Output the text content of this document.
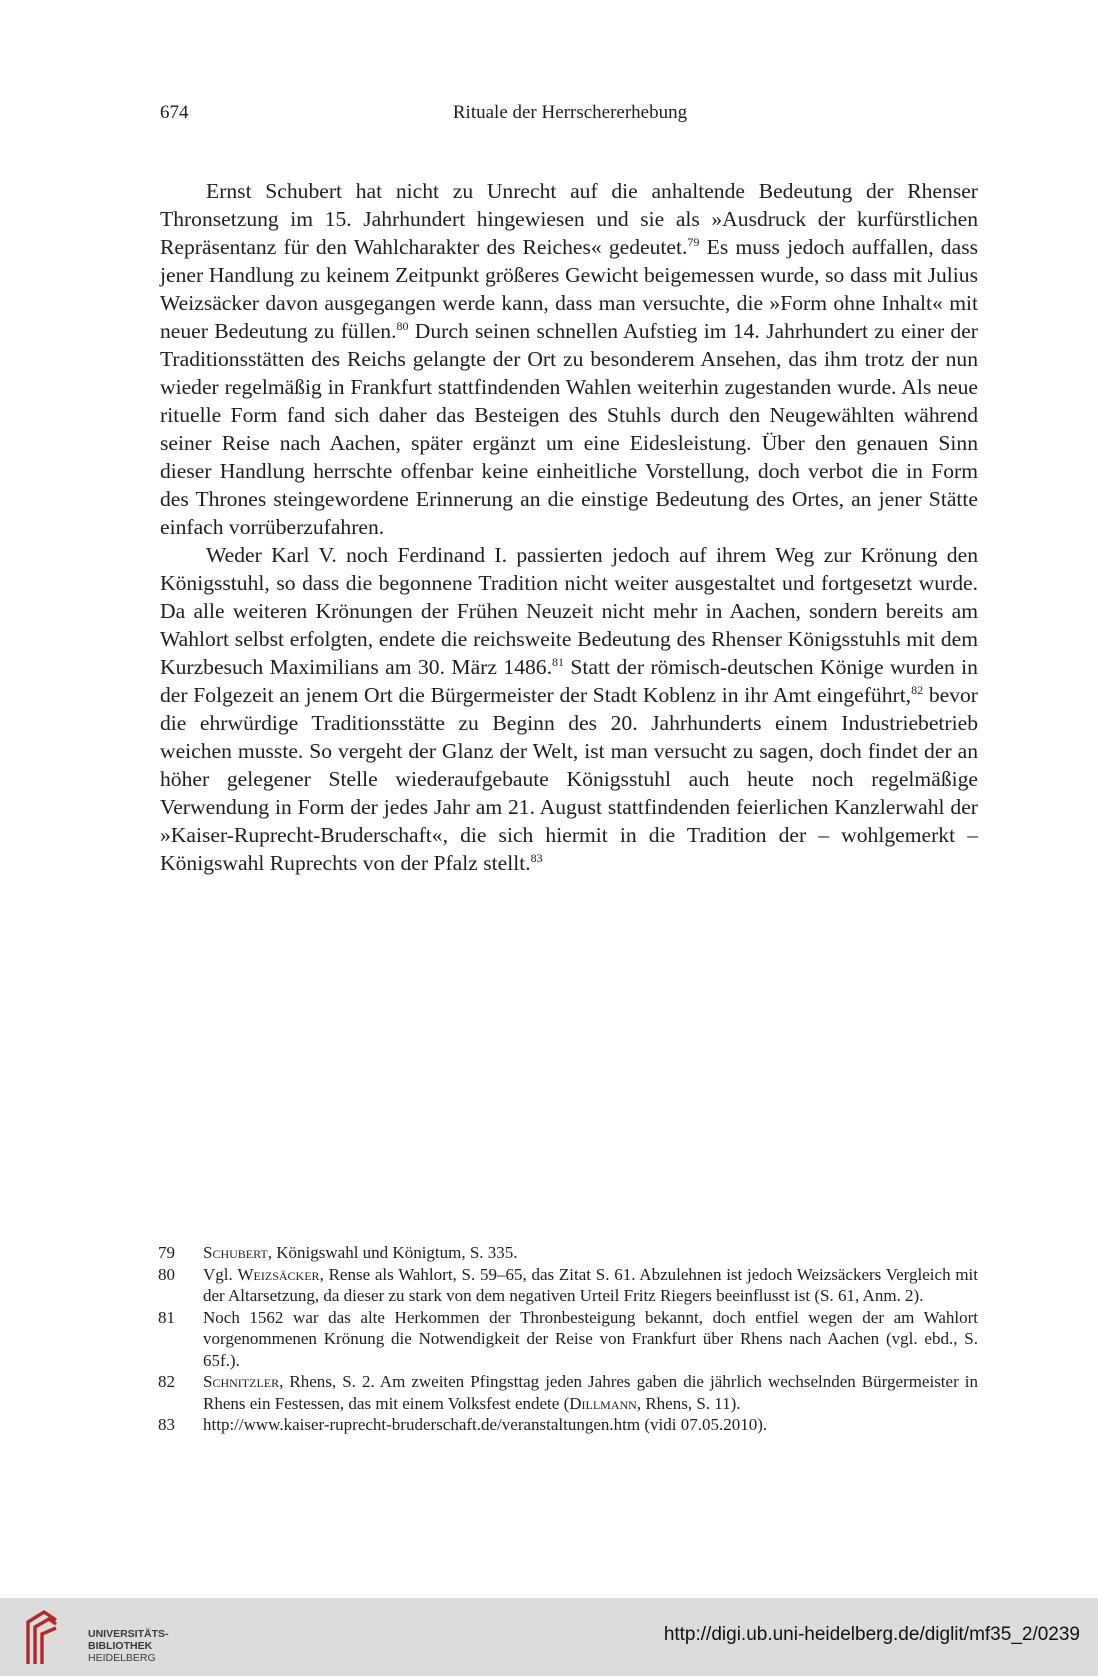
674	Rituale der Herrschererhebung

Ernst Schubert hat nicht zu Unrecht auf die anhaltende Bedeutung der Rhenser Thronsetzung im 15. Jahrhundert hingewiesen und sie als »Ausdruck der kurfürstlichen Repräsentanz für den Wahlcharakter des Reiches« gedeutet.$^{79}$ Es muss jedoch auffallen, dass jener Handlung zu keinem Zeitpunkt größeres Gewicht beigemessen wurde, so dass mit Julius Weizsäcker davon ausgegangen werde kann, dass man versuchte, die »Form ohne Inhalt« mit neuer Bedeutung zu füllen.$^{80}$ Durch seinen schnellen Aufstieg im 14. Jahrhundert zu einer der Traditionsstätten des Reichs gelangte der Ort zu besonderem Ansehen, das ihm trotz der nun wieder regelmäßig in Frankfurt stattfindenden Wahlen weiterhin zugestanden wurde. Als neue rituelle Form fand sich daher das Besteigen des Stuhls durch den Neugewählten während seiner Reise nach Aachen, später ergänzt um eine Eidesleistung. Über den genauen Sinn dieser Handlung herrschte offenbar keine einheitliche Vorstellung, doch verbot die in Form des Thrones steingewordene Erinnerung an die einstige Bedeutung des Ortes, an jener Stätte einfach vorrüberzufahren.

Weder Karl V. noch Ferdinand I. passierten jedoch auf ihrem Weg zur Krönung den Königsstuhl, so dass die begonnene Tradition nicht weiter ausgestaltet und fortgesetzt wurde. Da alle weiteren Krönungen der Frühen Neuzeit nicht mehr in Aachen, sondern bereits am Wahlort selbst erfolgten, endete die reichsweite Bedeutung des Rhenser Königsstuhls mit dem Kurzbesuch Maximilians am 30. März 1486.81 Statt der römisch-deutschen Könige wurden in der Folgezeit an jenem Ort die Bürgermeister der Stadt Koblenz in ihr Amt eingeführt,$^{82}$ bevor die ehrwürdige Traditionsstätte zu Beginn des 20. Jahrhunderts einem Industriebetrieb weichen musste. So vergeht der Glanz der Welt, ist man versucht zu sagen, doch findet der an höher gelegener Stelle wiederaufgebaute Königsstuhl auch heute noch regelmäßige Verwendung in Form der jedes Jahr am 21. August stattfindenden feierlichen Kanzlerwahl der »Kaiser-Ruprecht-Bruderschaft«, die sich hiermit in die Tradition der – wohlgemerkt – Königswahl Ruprechts von der Pfalz stellt.$^{83}$

79	Schubert, Königswahl und Königtum, S. 335.
80	Vgl. Weizsäcker, Rense als Wahlort, S. 59–65, das Zitat S. 61. Abzulehnen ist jedoch Weizsäckers Vergleich mit der Altarsetzung, da dieser zu stark von dem negativen Urteil Fritz Riegers beeinflusst ist (S. 61, Anm. 2).
81	Noch 1562 war das alte Herkommen der Thronbesteigung bekannt, doch entfiel wegen der am Wahlort vorgenommenen Krönung die Notwendigkeit der Reise von Frankfurt über Rhens nach Aachen (vgl. ebd., S. 65f.).
82	Schnitzler, Rhens, S. 2. Am zweiten Pfingsttag jeden Jahres gaben die jährlich wechselnden Bürgermeister in Rhens ein Festessen, das mit einem Volksfest endete (Dillmann, Rhens, S. 11).
83	http://www.kaiser-ruprecht-bruderschaft.de/veranstaltungen.htm (vidi 07.05.2010).
UNIVERSITÄTS-
BIBLIOTHEK
HEIDELBERG
http://digi.ub.uni-heidelberg.de/diglit/mf35_2/0239
